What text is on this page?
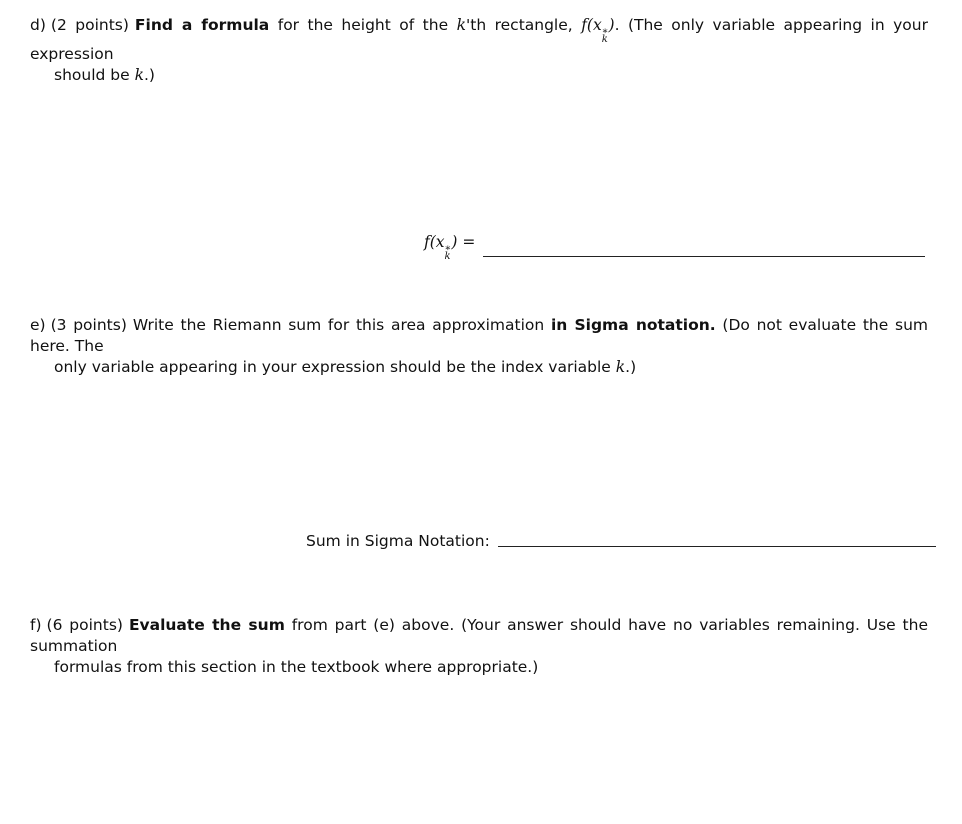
d) (2 points) Find a formula for the height of the k'th rectangle, f(x ∗
k
). (The only variable appearing in your expression
should be k.)
f(x ∗
k
) =
e) (3 points) Write the Riemann sum for this area approximation in Sigma notation. (Do not evaluate the sum here. The
only variable appearing in your expression should be the index variable k.)
Sum in Sigma Notation:
f) (6 points) Evaluate the sum from part (e) above. (Your answer should have no variables remaining. Use the summation
formulas from this section in the textbook where appropriate.)
